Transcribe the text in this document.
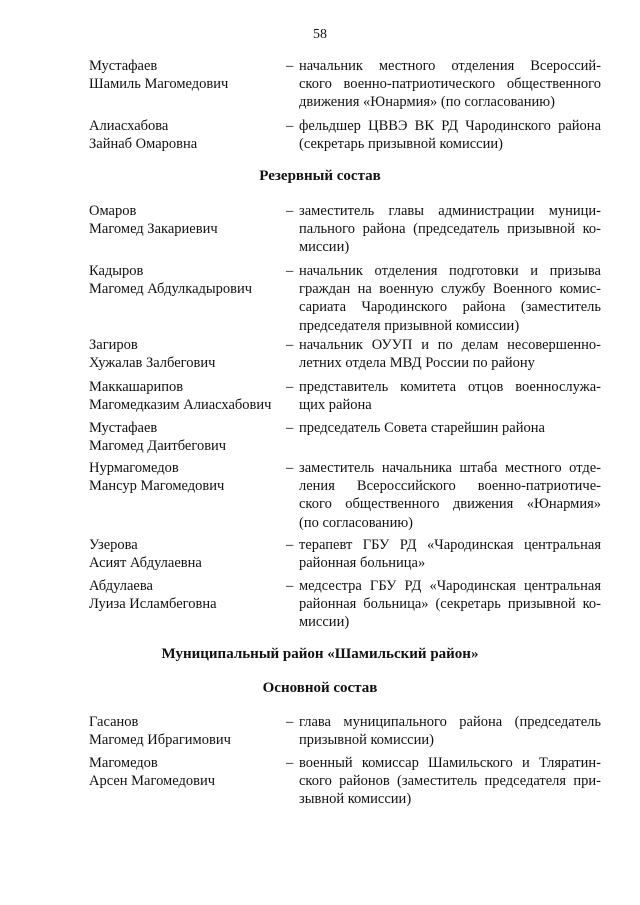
58
Резервный состав
Муниципальный район «Шамильский район»
Основной состав
Мустафаев
Шамиль Магомедович
– начальник местного отделения Всероссий-
ского военно-патриотического общественного
движения «Юнармия» (по согласованию)
Алиасхабова
Зайнаб Омаровна
– фельдшер ЦВВЭ ВК РД Чародинского района
(секретарь призывной комиссии)
Омаров
Магомед Закариевич
– заместитель главы администрации муници-
пального района (председатель призывной ко-
миссии)
Кадыров
Магомед Абдулкадырович
– начальник отделения подготовки и призыва
граждан на военную службу Военного комис-
сариата Чародинского района (заместитель
председателя призывной комиссии)
Загиров
Хужалав Залбегович
– начальник ОУУП и по делам несовершенно-
летних отдела МВД России по району
Маккашарипов
Магомедказим Алиасхабович
– представитель комитета отцов военнослужа-
щих района
Мустафаев
Магомед Даитбегович
– председатель Совета старейшин района
Нурмагомедов
Мансур Магомедович
– заместитель начальника штаба местного отде-
ления Всероссийского военно-патриотиче-
ского общественного движения «Юнармия»
(по согласованию)
Узерова
Асият Абдулаевна
– терапевт ГБУ РД «Чародинская центральная
районная больница»
Абдулаева
Луиза Исламбеговна
– медсестра ГБУ РД «Чародинская центральная
районная больница» (секретарь призывной ко-
миссии)
Гасанов
Магомед Ибрагимович
– глава муниципального района (председатель
призывной комиссии)
Магомедов
Арсен Магомедович
– военный комиссар Шамильского и Тляратин-
ского районов (заместитель председателя при-
зывной комиссии)
